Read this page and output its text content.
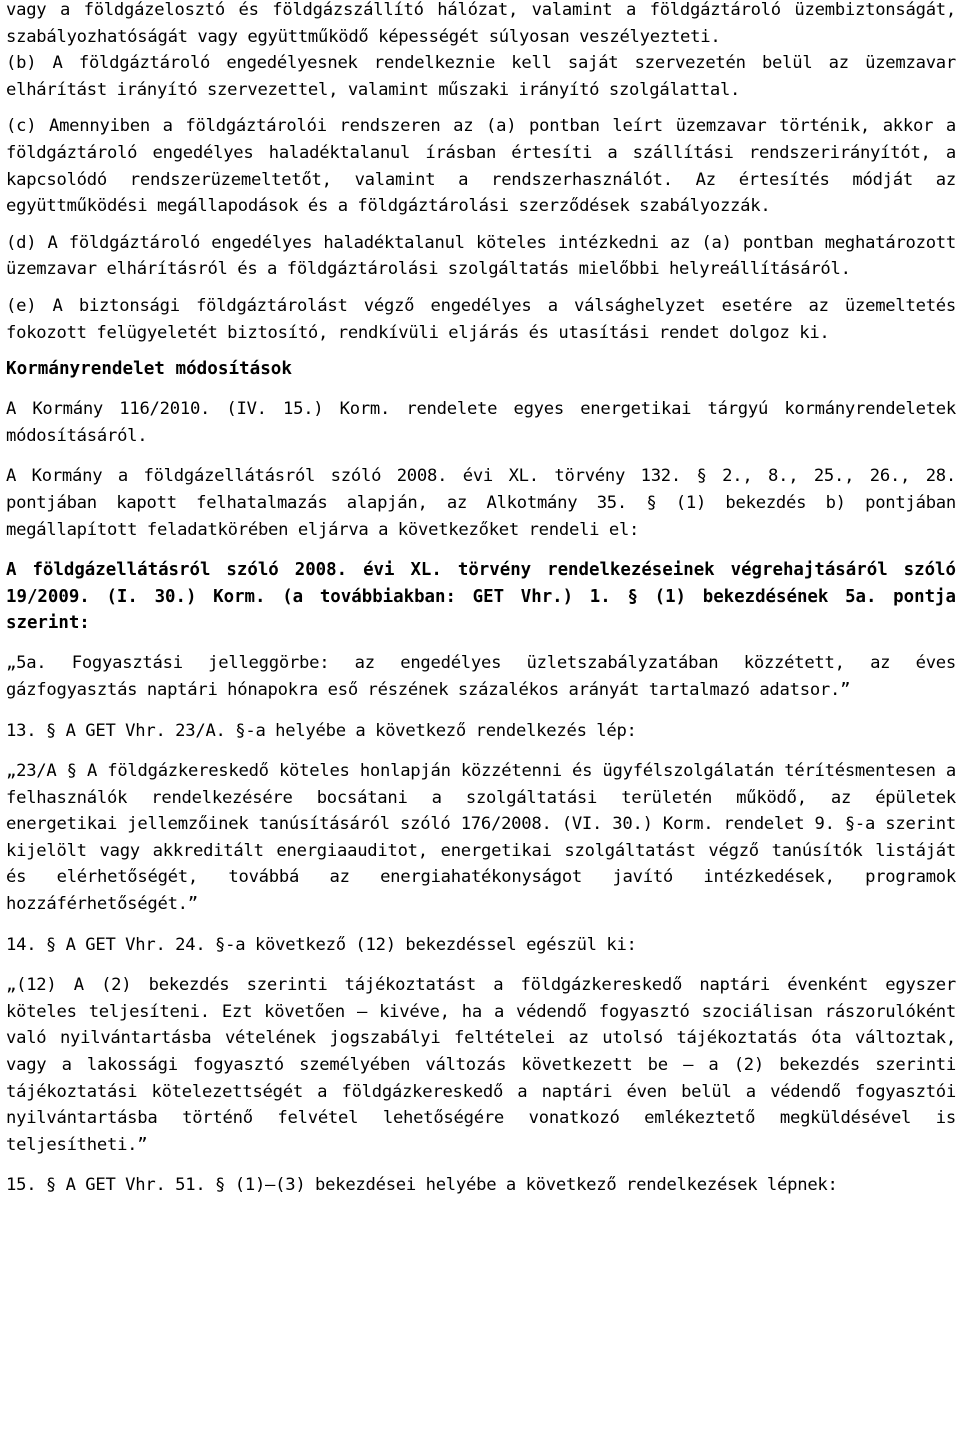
vagy a földgázelosztó és földgázszállító hálózat, valamint a földgáztároló üzembiztonságát, szabályozhatóságát vagy együttműködő képességét súlyosan veszélyezteti.

(b) A földgáztároló engedélyesnek rendelkeznie kell saját szervezetén belül az üzemzavar elhárítást irányító szervezettel, valamint műszaki irányító szolgálattal.

(c) Amennyiben a földgáztárolói rendszeren az (a) pontban leírt üzemzavar történik, akkor a földgáztároló engedélyes haladéktalanul írásban értesíti a szállítási rendszerirányítót, a kapcsolódó rendszerüzemeltetőt, valamint a rendszerhasználót. Az értesítés módját az együttműködési megállapodások és a földgáztárolási szerződések szabályozzák.

(d) A földgáztároló engedélyes haladéktalanul köteles intézkedni az (a) pontban meghatározott üzemzavar elhárításról és a földgáztárolási szolgáltatás mielőbbi helyreállításáról.

(e) A biztonsági földgáztárolást végző engedélyes a válsághelyzet esetére az üzemeltetés fokozott felügyeletét biztosító, rendkívüli eljárás és utasítási rendet dolgoz ki.

Kormányrendelet módosítások

A Kormány 116/2010. (IV. 15.) Korm. rendelete egyes energetikai tárgyú kormányrendeletek módosításáról.

A Kormány a földgázellátásról szóló 2008. évi XL. törvény 132. § 2., 8., 25., 26., 28. pontjában kapott felhatalmazás alapján, az Alkotmány 35. § (1) bekezdés b) pontjában megállapított feladatkörében eljárva a következőket rendeli el:

A földgázellátásról szóló 2008. évi XL. törvény rendelkezéseinek végrehajtásáról szóló 19/2009. (I. 30.) Korm. (a továbbiakban: GET Vhr.) 1. § (1) bekezdésének 5a. pontja szerint:

„5a. Fogyasztási jelleggörbe: az engedélyes üzletszabályzatában közzétett, az éves gázfogyasztás naptári hónapokra eső részének százalékos arányát tartalmazó adatsor.”

13. § A GET Vhr. 23/A. §-a helyébe a következő rendelkezés lép:

„23/A § A földgázkereskedő köteles honlapján közzétenni és ügyfélszolgálatán térítésmentesen a felhasználók rendelkezésére bocsátani a szolgáltatási területén működő, az épületek energetikai jellemzőinek tanúsításáról szóló 176/2008. (VI. 30.) Korm. rendelet 9. §-a szerint kijelölt vagy akkreditált energiaauditot, energetikai szolgáltatást végző tanúsítók listáját és elérhetőségét, továbbá az energiahatékonyságot javító intézkedések, programok hozzáférhetőségét.”

14. § A GET Vhr. 24. §-a következő (12) bekezdéssel egészül ki:

„(12) A (2) bekezdés szerinti tájékoztatást a földgázkereskedő naptári évenként egyszer köteles teljesíteni. Ezt követően — kivéve, ha a védendő fogyasztó szociálisan rászorulóként való nyilvántartásba vételének jogszabályi feltételei az utolsó tájékoztatás óta változtak, vagy a lakossági fogyasztó személyében változás következett be — a (2) bekezdés szerinti tájékoztatási kötelezettségét a földgázkereskedő a naptári éven belül a védendő fogyasztói nyilvántartásba történő felvétel lehetőségére vonatkozó emlékeztető megküldésével is teljesítheti.”

15. § A GET Vhr. 51. § (1)—(3) bekezdései helyébe a következő rendelkezések lépnek:
